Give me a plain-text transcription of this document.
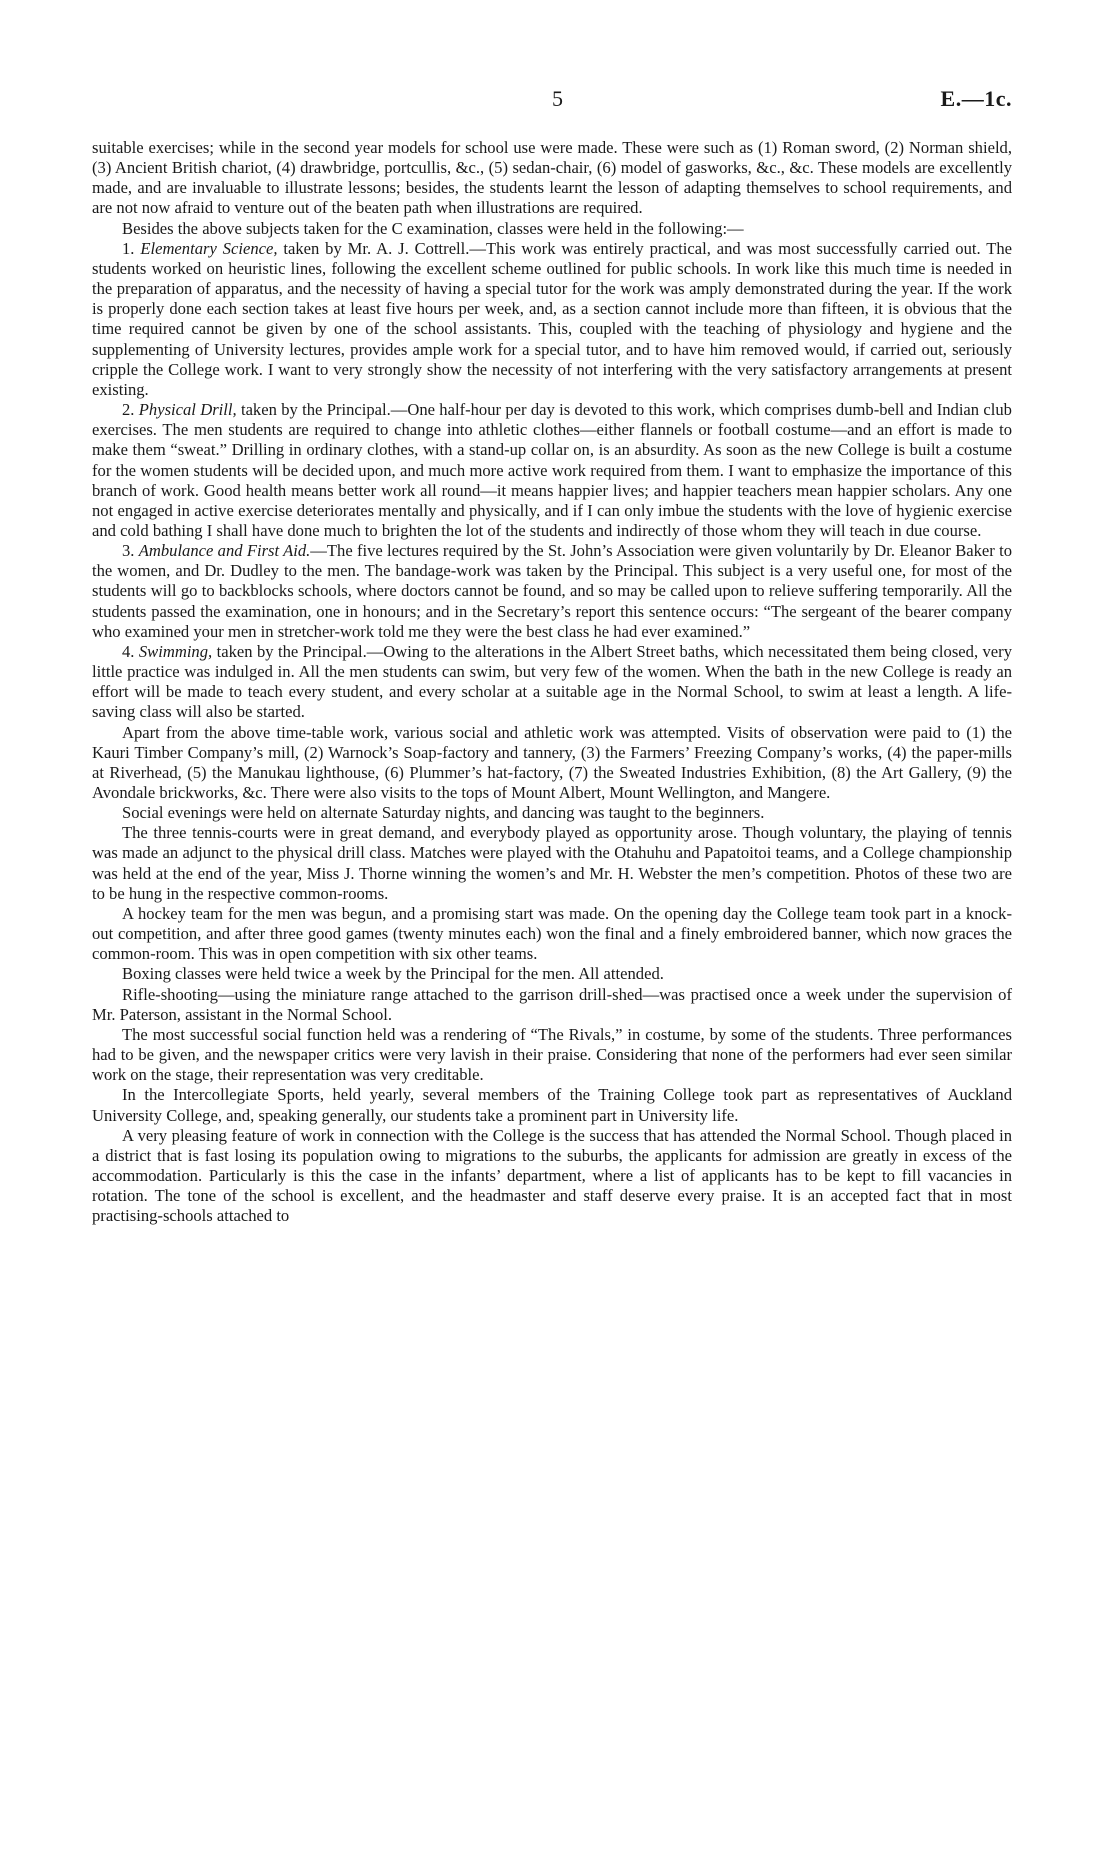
5	E.—1c.

suitable exercises; while in the second year models for school use were made. These were such as (1) Roman sword, (2) Norman shield, (3) Ancient British chariot, (4) drawbridge, portcullis, &c., (5) sedan-chair, (6) model of gasworks, &c., &c. These models are excellently made, and are invaluable to illustrate lessons; besides, the students learnt the lesson of adapting themselves to school requirements, and are not now afraid to venture out of the beaten path when illustrations are required.

Besides the above subjects taken for the C examination, classes were held in the following:—

1. Elementary Science, taken by Mr. A. J. Cottrell.—This work was entirely practical, and was most successfully carried out. The students worked on heuristic lines, following the excellent scheme outlined for public schools. In work like this much time is needed in the preparation of apparatus, and the necessity of having a special tutor for the work was amply demonstrated during the year. If the work is properly done each section takes at least five hours per week, and, as a section cannot include more than fifteen, it is obvious that the time required cannot be given by one of the school assistants. This, coupled with the teaching of physiology and hygiene and the supplementing of University lectures, provides ample work for a special tutor, and to have him removed would, if carried out, seriously cripple the College work. I want to very strongly show the necessity of not interfering with the very satisfactory arrangements at present existing.

2. Physical Drill, taken by the Principal.—One half-hour per day is devoted to this work, which comprises dumb-bell and Indian club exercises. The men students are required to change into athletic clothes—either flannels or football costume—and an effort is made to make them “sweat.” Drilling in ordinary clothes, with a stand-up collar on, is an absurdity. As soon as the new College is built a costume for the women students will be decided upon, and much more active work required from them. I want to emphasize the importance of this branch of work. Good health means better work all round—it means happier lives; and happier teachers mean happier scholars. Any one not engaged in active exercise deteriorates mentally and physically, and if I can only imbue the students with the love of hygienic exercise and cold bathing I shall have done much to brighten the lot of the students and indirectly of those whom they will teach in due course.

3. Ambulance and First Aid.—The five lectures required by the St. John’s Association were given voluntarily by Dr. Eleanor Baker to the women, and Dr. Dudley to the men. The bandage-work was taken by the Principal. This subject is a very useful one, for most of the students will go to backblocks schools, where doctors cannot be found, and so may be called upon to relieve suffering temporarily. All the students passed the examination, one in honours; and in the Secretary’s report this sentence occurs: “The sergeant of the bearer company who examined your men in stretcher-work told me they were the best class he had ever examined.”

4. Swimming, taken by the Principal.—Owing to the alterations in the Albert Street baths, which necessitated them being closed, very little practice was indulged in. All the men students can swim, but very few of the women. When the bath in the new College is ready an effort will be made to teach every student, and every scholar at a suitable age in the Normal School, to swim at least a length. A life-saving class will also be started.

Apart from the above time-table work, various social and athletic work was attempted. Visits of observation were paid to (1) the Kauri Timber Company’s mill, (2) Warnock’s Soap-factory and tannery, (3) the Farmers’ Freezing Company’s works, (4) the paper-mills at Riverhead, (5) the Manukau lighthouse, (6) Plummer’s hat-factory, (7) the Sweated Industries Exhibition, (8) the Art Gallery, (9) the Avondale brickworks, &c. There were also visits to the tops of Mount Albert, Mount Wellington, and Mangere.

Social evenings were held on alternate Saturday nights, and dancing was taught to the beginners.

The three tennis-courts were in great demand, and everybody played as opportunity arose. Though voluntary, the playing of tennis was made an adjunct to the physical drill class. Matches were played with the Otahuhu and Papatoitoi teams, and a College championship was held at the end of the year, Miss J. Thorne winning the women’s and Mr. H. Webster the men’s competition. Photos of these two are to be hung in the respective common-rooms.

A hockey team for the men was begun, and a promising start was made. On the opening day the College team took part in a knock-out competition, and after three good games (twenty minutes each) won the final and a finely embroidered banner, which now graces the common-room. This was in open competition with six other teams.

Boxing classes were held twice a week by the Principal for the men. All attended.

Rifle-shooting—using the miniature range attached to the garrison drill-shed—was practised once a week under the supervision of Mr. Paterson, assistant in the Normal School.

The most successful social function held was a rendering of “The Rivals,” in costume, by some of the students. Three performances had to be given, and the newspaper critics were very lavish in their praise. Considering that none of the performers had ever seen similar work on the stage, their representation was very creditable.

In the Intercollegiate Sports, held yearly, several members of the Training College took part as representatives of Auckland University College, and, speaking generally, our students take a prominent part in University life.

A very pleasing feature of work in connection with the College is the success that has attended the Normal School. Though placed in a district that is fast losing its population owing to migrations to the suburbs, the applicants for admission are greatly in excess of the accommodation. Particularly is this the case in the infants’ department, where a list of applicants has to be kept to fill vacancies in rotation. The tone of the school is excellent, and the headmaster and staff deserve every praise. It is an accepted fact that in most practising-schools attached to
